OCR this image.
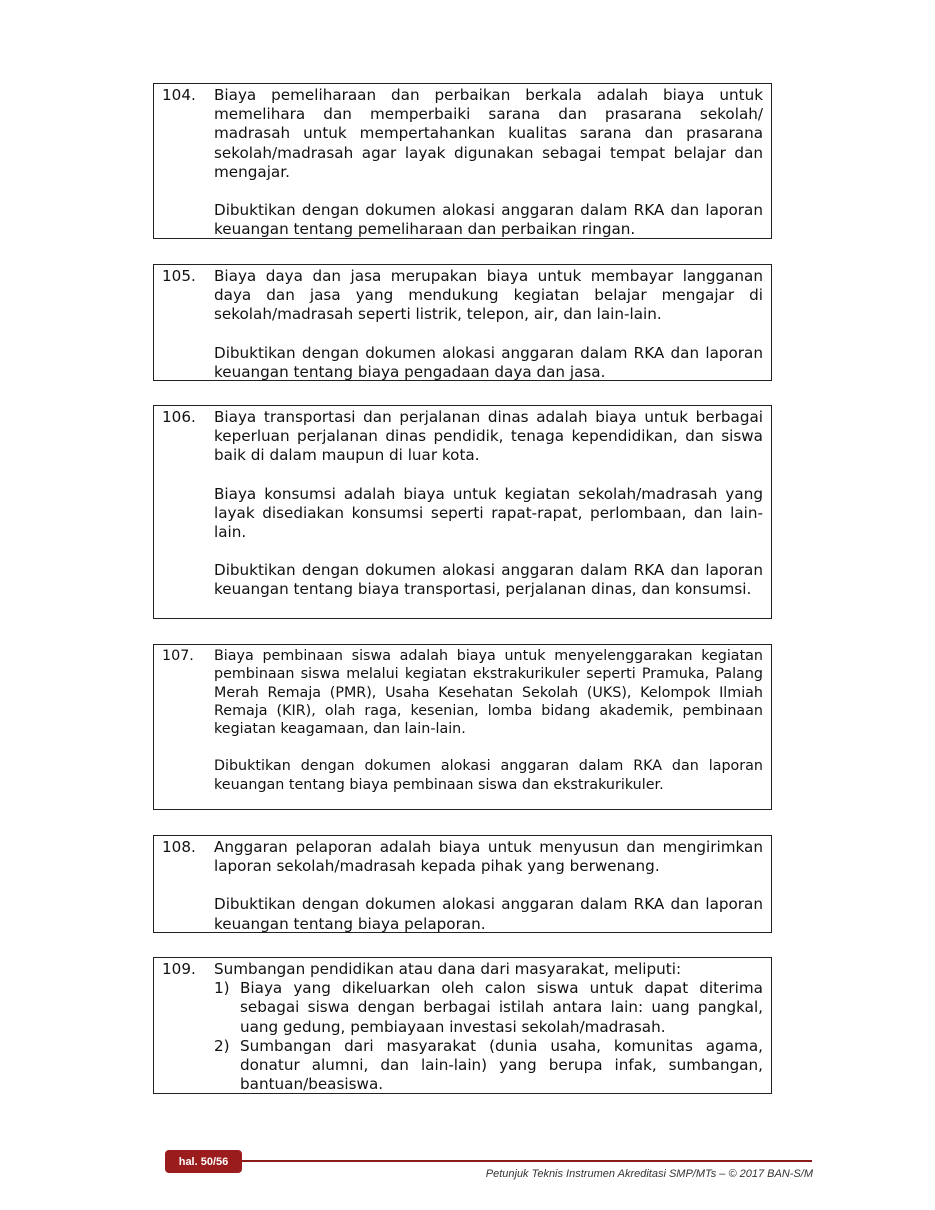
104.	Biaya pemeliharaan dan perbaikan berkala adalah biaya untuk memelihara dan memperbaiki sarana dan prasarana sekolah/ madrasah untuk mempertahankan kualitas sarana dan prasarana sekolah/madrasah agar layak digunakan sebagai tempat belajar dan mengajar.

Dibuktikan dengan dokumen alokasi anggaran dalam RKA dan laporan keuangan tentang pemeliharaan dan perbaikan ringan.

105.	Biaya daya dan jasa merupakan biaya untuk membayar langganan daya dan jasa yang mendukung kegiatan belajar mengajar di sekolah/madrasah seperti listrik, telepon, air, dan lain-lain.

Dibuktikan dengan dokumen alokasi anggaran dalam RKA dan laporan keuangan tentang biaya pengadaan daya dan jasa.

106.	Biaya transportasi dan perjalanan dinas adalah biaya untuk berbagai keperluan perjalanan dinas pendidik, tenaga kependidikan, dan siswa baik di dalam maupun di luar kota.

Biaya konsumsi adalah biaya untuk kegiatan sekolah/madrasah yang layak disediakan konsumsi seperti rapat-rapat, perlombaan, dan lain-lain.

Dibuktikan dengan dokumen alokasi anggaran dalam RKA dan laporan keuangan tentang biaya transportasi, perjalanan dinas, dan konsumsi.

107.	Biaya pembinaan siswa adalah biaya untuk menyelenggarakan kegiatan pembinaan siswa melalui kegiatan ekstrakurikuler seperti Pramuka, Palang Merah Remaja (PMR), Usaha Kesehatan Sekolah (UKS), Kelompok Ilmiah Remaja (KIR), olah raga, kesenian, lomba bidang akademik, pembinaan kegiatan keagamaan, dan lain-lain.

Dibuktikan dengan dokumen alokasi anggaran dalam RKA dan laporan keuangan tentang biaya pembinaan siswa dan ekstrakurikuler.

108.	Anggaran pelaporan adalah biaya untuk menyusun dan mengirimkan laporan sekolah/madrasah kepada pihak yang berwenang.

Dibuktikan dengan dokumen alokasi anggaran dalam RKA dan laporan keuangan tentang biaya pelaporan.

109.	Sumbangan pendidikan atau dana dari masyarakat, meliputi:
1) Biaya yang dikeluarkan oleh calon siswa untuk dapat diterima sebagai siswa dengan berbagai istilah antara lain: uang pangkal, uang gedung, pembiayaan investasi sekolah/madrasah.
2) Sumbangan dari masyarakat (dunia usaha, komunitas agama, donatur alumni, dan lain-lain) yang berupa infak, sumbangan, bantuan/beasiswa.
hal. 50/56
Petunjuk Teknis Instrumen Akreditasi SMP/MTs – © 2017 BAN-S/M
